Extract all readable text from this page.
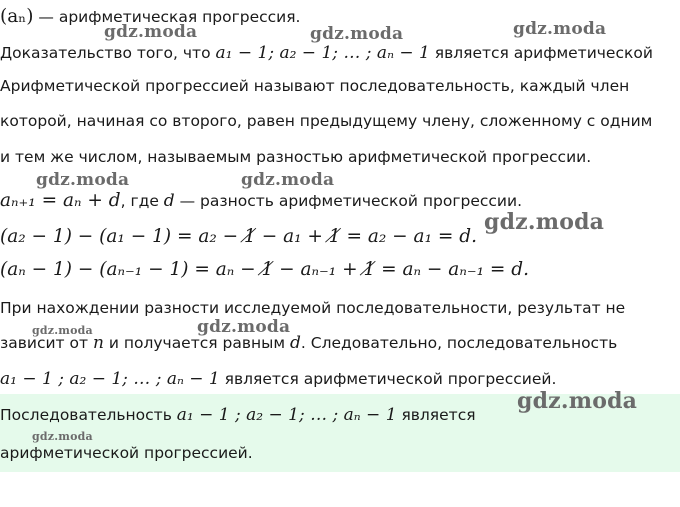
(aₙ) — арифметическая прогрессия.
Доказательство того, что a₁ − 1; a₂ − 1; … ; aₙ − 1 является арифметической
Арифметической прогрессией называют последовательность, каждый член
которой, начиная со второго, равен предыдущему члену, сложенному с одним
и тем же числом, называемым разностью арифметической прогрессии.
aₙ₊₁ = aₙ + d, где d — разность арифметической прогрессии.
(a₂ − 1) − (a₁ − 1) = a₂ − 1̸ − a₁ + 1̸ = a₂ − a₁ = d.
(aₙ − 1) − (aₙ₋₁ − 1) = aₙ − 1̸ − aₙ₋₁ + 1̸ = aₙ − aₙ₋₁ = d.
При нахождении разности исследуемой последовательности, результат не
зависит от n и получается равным d. Следовательно, последовательность
a₁ − 1 ; a₂ − 1; … ; aₙ − 1 является арифметической прогрессией.
Последовательность a₁ − 1 ; a₂ − 1; … ; aₙ − 1 является
арифметической прогрессией.
gdz.moda	gdz.moda	gdz.moda
gdz.moda	gdz.moda
gdz.moda
gdz.moda	gdz.moda
gdz.moda
gdz.moda
